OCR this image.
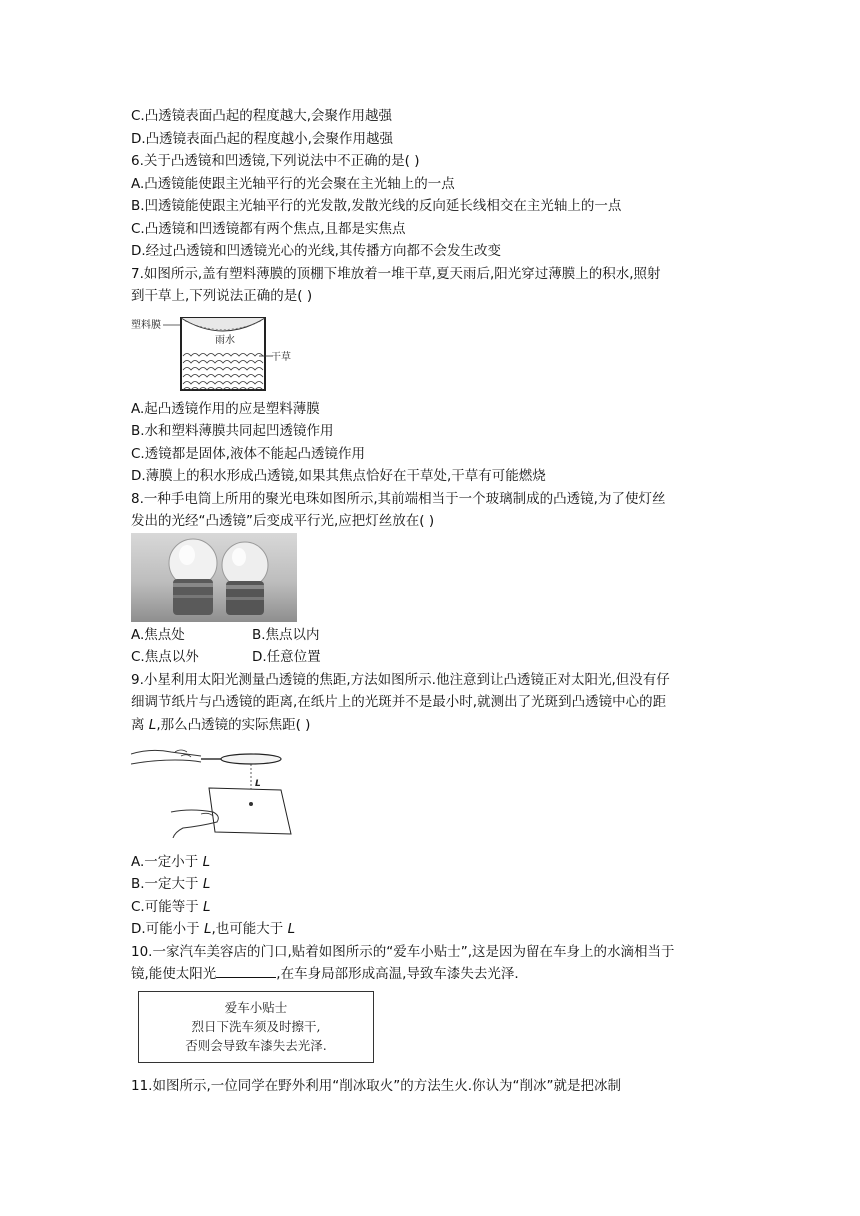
C.凸透镜表面凸起的程度越大,会聚作用越强
D.凸透镜表面凸起的程度越小,会聚作用越强
6.关于凸透镜和凹透镜,下列说法中不正确的是( )
A.凸透镜能使跟主光轴平行的光会聚在主光轴上的一点
B.凹透镜能使跟主光轴平行的光发散,发散光线的反向延长线相交在主光轴上的一点
C.凸透镜和凹透镜都有两个焦点,且都是实焦点
D.经过凸透镜和凹透镜光心的光线,其传播方向都不会发生改变
7.如图所示,盖有塑料薄膜的顶棚下堆放着一堆干草,夏天雨后,阳光穿过薄膜上的积水,照射
到干草上,下列说法正确的是( )
塑料膜
雨水
干草
A.起凸透镜作用的应是塑料薄膜
B.水和塑料薄膜共同起凹透镜作用
C.透镜都是固体,液体不能起凸透镜作用
D.薄膜上的积水形成凸透镜,如果其焦点恰好在干草处,干草有可能燃烧
8.一种手电筒上所用的聚光电珠如图所示,其前端相当于一个玻璃制成的凸透镜,为了使灯丝
发出的光经“凸透镜”后变成平行光,应把灯丝放在( )
A.焦点处	B.焦点以内
C.焦点以外	D.任意位置
9.小星利用太阳光测量凸透镜的焦距,方法如图所示.他注意到让凸透镜正对太阳光,但没有仔
细调节纸片与凸透镜的距离,在纸片上的光斑并不是最小时,就测出了光斑到凸透镜中心的距
离 L,那么凸透镜的实际焦距( )
L
A.一定小于 L
B.一定大于 L
C.可能等于 L
D.可能小于 L,也可能大于 L
10.一家汽车美容店的门口,贴着如图所示的“爱车小贴士”,这是因为留在车身上的水滴相当于
镜,能使太阳光	,在车身局部形成高温,导致车漆失去光泽.
爱车小贴士
烈日下洗车须及时擦干,
否则会导致车漆失去光泽.
11.如图所示,一位同学在野外利用“削冰取火”的方法生火.你认为“削冰”就是把冰制
